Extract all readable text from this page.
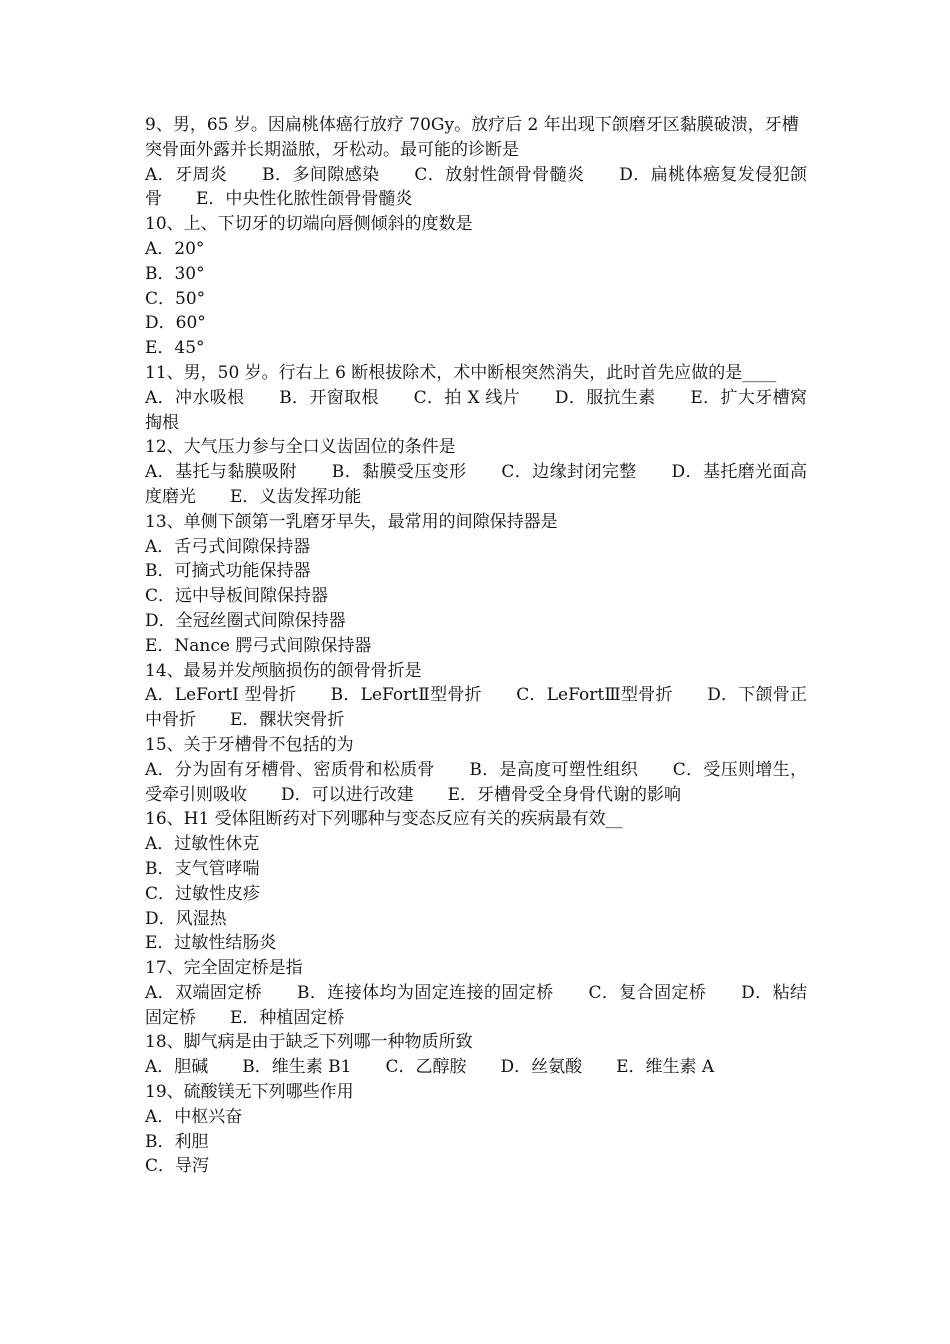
9、男，65 岁。因扁桃体癌行放疗 70Gy。放疗后 2 年出现下颌磨牙区黏膜破溃，牙槽突骨面外露并长期溢脓，牙松动。最可能的诊断是

A．牙周炎　　B．多间隙感染　　C．放射性颌骨骨髓炎　　D．扁桃体癌复发侵犯颌骨　　E．中央性化脓性颌骨骨髓炎

10、上、下切牙的切端向唇侧倾斜的度数是

A．20°

B．30°

C．50°

D．60°

E．45°

11、男，50 岁。行右上 6 断根拔除术，术中断根突然消失，此时首先应做的是____

A．冲水吸根　　B．开窗取根　　C．拍 X 线片　　D．服抗生素　　E．扩大牙槽窝掏根

12、大气压力参与全口义齿固位的条件是

A．基托与黏膜吸附　　B．黏膜受压变形　　C．边缘封闭完整　　D．基托磨光面高度磨光　　E．义齿发挥功能

13、单侧下颌第一乳磨牙早失，最常用的间隙保持器是

A．舌弓式间隙保持器

B．可摘式功能保持器

C．远中导板间隙保持器

D．全冠丝圈式间隙保持器

E．Nance 腭弓式间隙保持器

14、最易并发颅脑损伤的颌骨骨折是

A．LeFortI 型骨折　　B．LeFortⅡ型骨折　　C．LeFortⅢ型骨折　　D．下颌骨正中骨折　　E．髁状突骨折

15、关于牙槽骨不包括的为

A．分为固有牙槽骨、密质骨和松质骨　　B．是高度可塑性组织　　C．受压则增生，受牵引则吸收　　D．可以进行改建　　E．牙槽骨受全身骨代谢的影响

16、H1 受体阻断药对下列哪种与变态反应有关的疾病最有效__

A．过敏性休克

B．支气管哮喘

C．过敏性皮疹

D．风湿热

E．过敏性结肠炎

17、完全固定桥是指

A．双端固定桥　　B．连接体均为固定连接的固定桥　　C．复合固定桥　　D．粘结固定桥　　E．种植固定桥

18、脚气病是由于缺乏下列哪一种物质所致

A．胆碱　　B．维生素 B1　　C．乙醇胺　　D．丝氨酸　　E．维生素 A

19、硫酸镁无下列哪些作用

A．中枢兴奋

B．利胆

C．导泻
